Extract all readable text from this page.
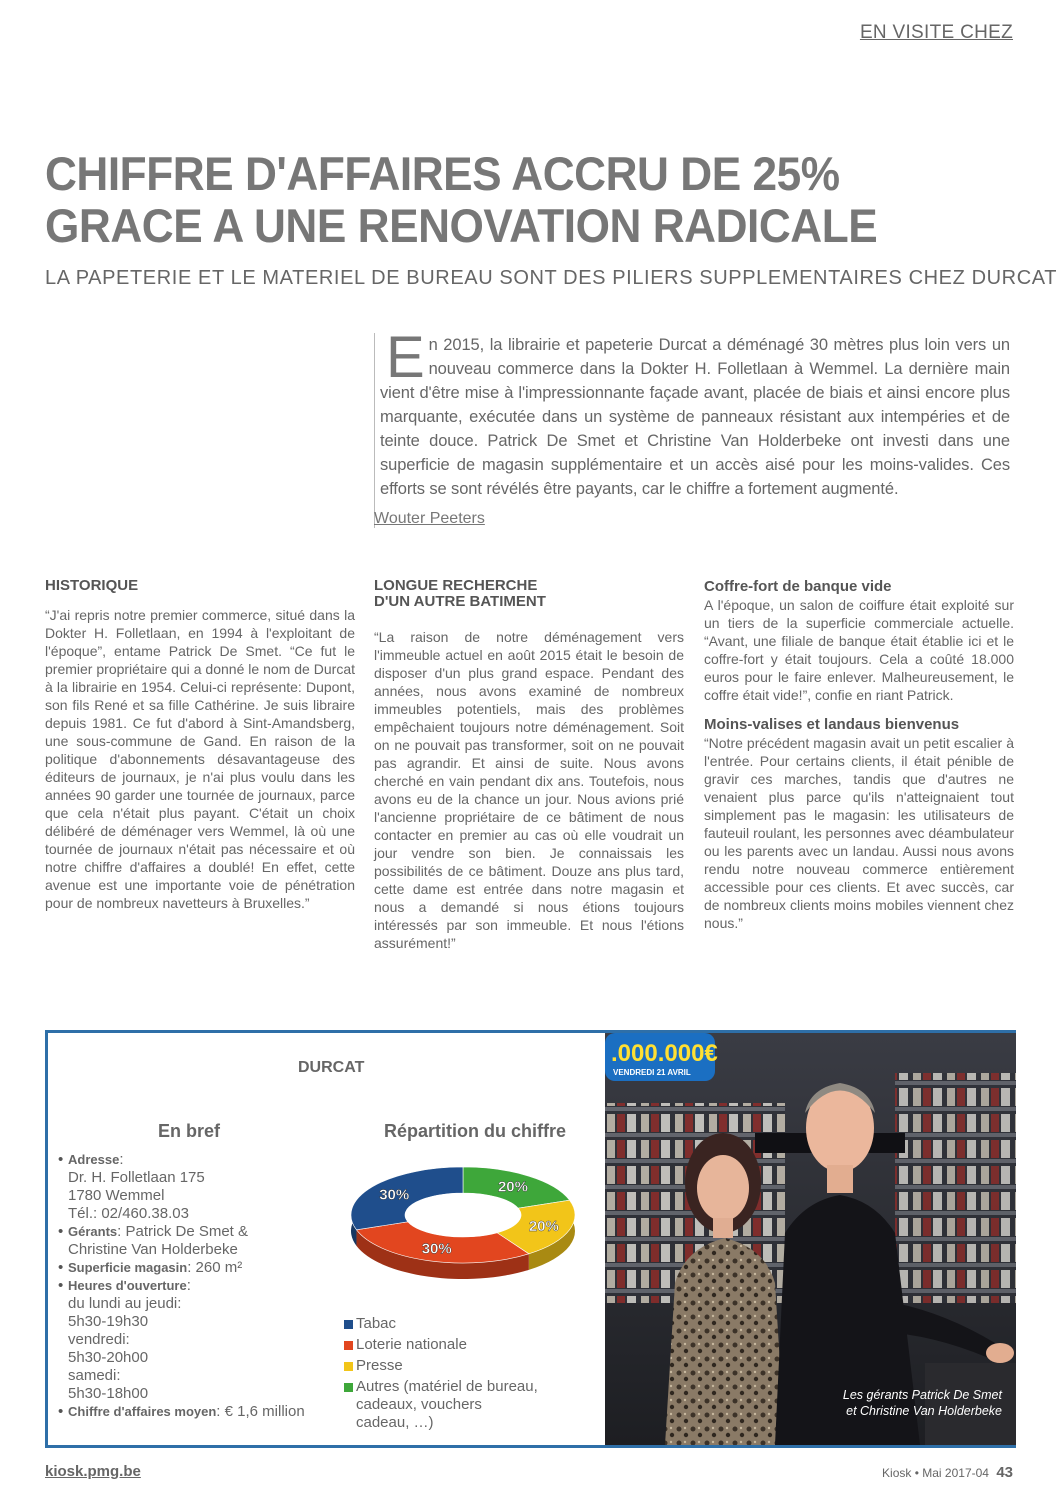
EN VISITE CHEZ
CHIFFRE D'AFFAIRES ACCRU DE 25%
GRACE A UNE RENOVATION RADICALE

LA PAPETERIE ET LE MATERIEL DE BUREAU SONT DES PILIERS SUPPLEMENTAIRES CHEZ DURCAT

En 2015, la librairie et papeterie Durcat a déménagé 30 mètres plus loin vers un nouveau commerce dans la Dokter H. Folletlaan à Wemmel. La dernière main vient d'être mise à l'impressionnante façade avant, placée de biais et ainsi encore plus marquante, exécutée dans un système de panneaux résistant aux intempéries et de teinte douce. Patrick De Smet et Christine Van Holderbeke ont investi dans une superficie de magasin supplémentaire et un accès aisé pour les moins-valides. Ces efforts se sont révélés être payants, car le chiffre a fortement augmenté.
Wouter Peeters
HISTORIQUE

“J'ai repris notre premier commerce, situé dans la Dokter H. Folletlaan, en 1994 à l'exploitant de l'époque”, entame Patrick De Smet. “Ce fut le premier propriétaire qui a donné le nom de Durcat à la librairie en 1954. Celui-ci représente: Dupont, son fils René et sa fille Cathérine. Je suis libraire depuis 1981. Ce fut d'abord à Sint-Amandsberg, une sous-commune de Gand. En raison de la politique d'abonnements désavantageuse des éditeurs de journaux, je n'ai plus voulu dans les années 90 garder une tournée de journaux, parce que cela n'était plus payant. C'était un choix délibéré de déménager vers Wemmel, là où une tournée de journaux n'était pas nécessaire et où notre chiffre d'affaires a doublé! En effet, cette avenue est une importante voie de pénétration pour de nombreux navetteurs à Bruxelles.”

LONGUE RECHERCHE
D'UN AUTRE BATIMENT

“La raison de notre déménagement vers l'immeuble actuel en août 2015 était le besoin de disposer d'un plus grand espace. Pendant des années, nous avons examiné de nombreux immeubles potentiels, mais des problèmes empêchaient toujours notre déménagement. Soit on ne pouvait pas transformer, soit on ne pouvait pas agrandir. Et ainsi de suite. Nous avons cherché en vain pendant dix ans. Toutefois, nous avons eu de la chance un jour. Nous avions prié l'ancienne propriétaire de ce bâtiment de nous contacter en premier au cas où elle voudrait un jour vendre son bien. Je connaissais les possibilités de ce bâtiment. Douze ans plus tard, cette dame est entrée dans notre magasin et nous a demandé si nous étions toujours intéressés par son immeuble. Et nous l'étions assurément!”

Coffre-fort de banque vide

A l'époque, un salon de coiffure était exploité sur un tiers de la superficie commerciale actuelle. “Avant, une filiale de banque était établie ici et le coffre-fort y était toujours. Cela a coûté 18.000 euros pour le faire enlever. Malheureusement, le coffre était vide!”, confie en riant Patrick.

Moins-valises et landaus bienvenus

“Notre précédent magasin avait un petit escalier à l'entrée. Pour certains clients, il était pénible de gravir ces marches, tandis que d'autres ne venaient plus parce qu'ils n'atteignaient tout simplement pas le magasin: les utilisateurs de fauteuil roulant, les personnes avec déambulateur ou les parents avec un landau. Aussi nous avons rendu notre nouveau commerce entièrement accessible pour ces clients. Et avec succès, car de nombreux clients moins mobiles viennent chez nous.”

DURCAT
En bref
• Adresse:
Dr. H. Folletlaan 175
1780 Wemmel
Tél.: 02/460.38.03
• Gérants: Patrick De Smet &
Christine Van Holderbeke
• Superficie magasin: 260 m²
• Heures d'ouverture:
du lundi au jeudi:
5h30-19h30
vendredi:
5h30-20h00
samedi:
5h30-18h00
• Chiffre d'affaires moyen: € 1,6 million
Répartition du chiffre
20%
20%
30%
30%
Tabac
Loterie nationale
Presse
Autres (matériel de bureau,
cadeaux, vouchers
cadeau, …)
.000.000€
VENDREDI 21 AVRIL
Les gérants Patrick De Smet
et Christine Van Holderbeke
kiosk.pmg.be	Kiosk • Mai 2017-04 43
